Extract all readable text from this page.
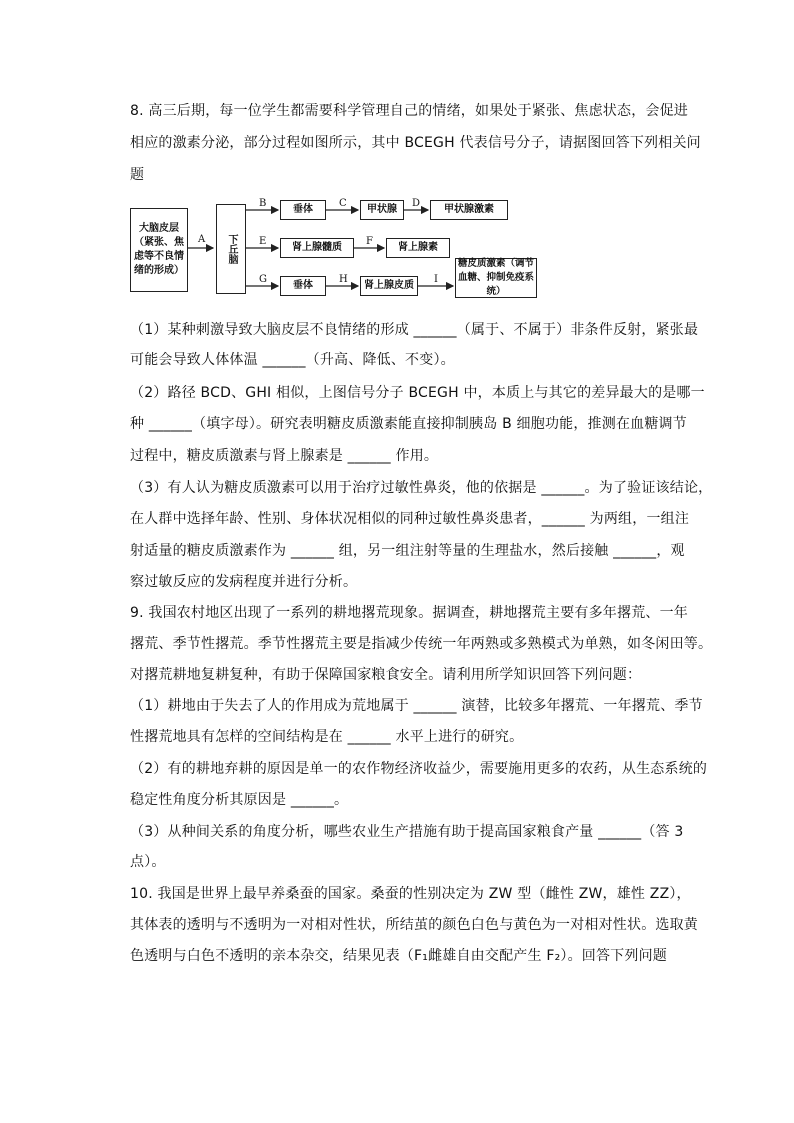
8. 高三后期，每一位学生都需要科学管理自己的情绪，如果处于紧张、焦虑状态，会促进
相应的激素分泌，部分过程如图所示，其中 BCEGH 代表信号分子，请据图回答下列相关问
题
大脑皮层（紧张、焦虑等不良情绪的形成）
A	下丘脑
B
E
G
垂体
C
甲状腺
D
甲状腺激素
肾上腺髓质
F
肾上腺素
垂体
H
肾上腺皮质
I
糖皮质激素（调节血糖、抑制免疫系统）
（1）某种刺激导致大脑皮层不良情绪的形成 ______（属于、不属于）非条件反射，紧张最
可能会导致人体体温 ______（升高、降低、不变）。
（2）路径 BCD、GHI 相似，上图信号分子 BCEGH 中，本质上与其它的差异最大的是哪一
种 ______（填字母）。研究表明糖皮质激素能直接抑制胰岛 B 细胞功能，推测在血糖调节
过程中，糖皮质激素与肾上腺素是 ______ 作用。
（3）有人认为糖皮质激素可以用于治疗过敏性鼻炎，他的依据是 ______。为了验证该结论，
在人群中选择年龄、性别、身体状况相似的同种过敏性鼻炎患者，______ 为两组，一组注
射适量的糖皮质激素作为 ______ 组，另一组注射等量的生理盐水，然后接触 ______，观
察过敏反应的发病程度并进行分析。
9. 我国农村地区出现了一系列的耕地撂荒现象。据调查，耕地撂荒主要有多年撂荒、一年
撂荒、季节性撂荒。季节性撂荒主要是指减少传统一年两熟或多熟模式为单熟，如冬闲田等。
对撂荒耕地复耕复种，有助于保障国家粮食安全。请利用所学知识回答下列问题：
（1）耕地由于失去了人的作用成为荒地属于 ______ 演替，比较多年撂荒、一年撂荒、季节
性撂荒地具有怎样的空间结构是在 ______ 水平上进行的研究。
（2）有的耕地弃耕的原因是单一的农作物经济收益少，需要施用更多的农药，从生态系统的
稳定性角度分析其原因是 ______。
（3）从种间关系的角度分析，哪些农业生产措施有助于提高国家粮食产量 ______（答 3
点）。
10. 我国是世界上最早养桑蚕的国家。桑蚕的性别决定为 ZW 型（雌性 ZW，雄性 ZZ），
其体表的透明与不透明为一对相对性状，所结茧的颜色白色与黄色为一对相对性状。选取黄
色透明与白色不透明的亲本杂交，结果见表（F₁雌雄自由交配产生 F₂）。回答下列问题
